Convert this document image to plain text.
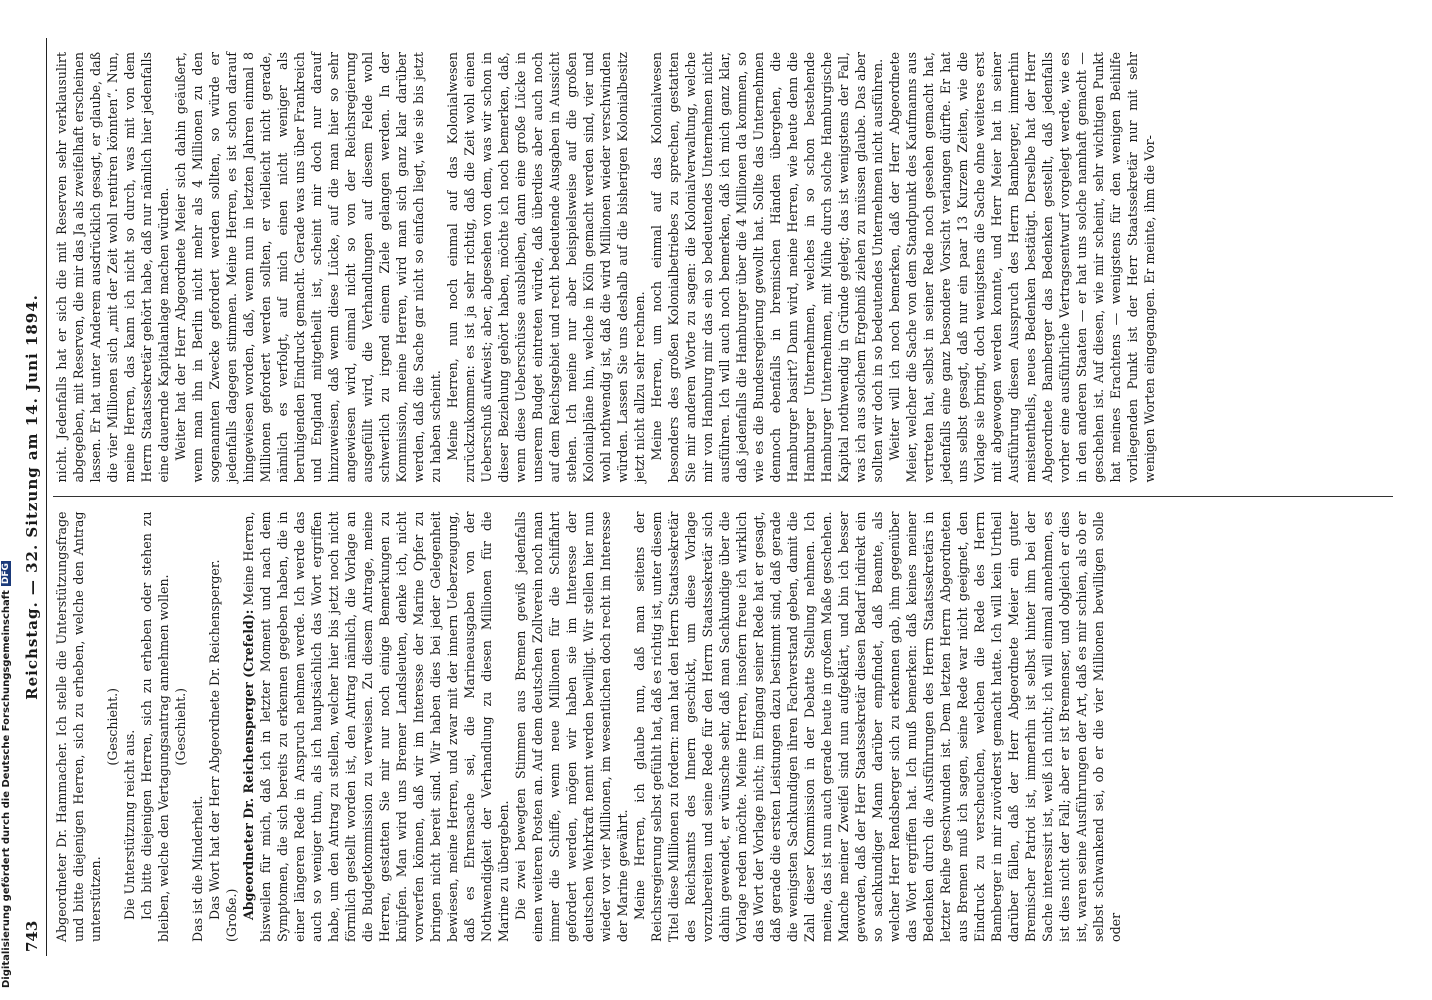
743
Reichstag. — 32. Sitzung am 14. Juni 1894.

Abgeordneter Dr. Hammacher. Ich stelle die Unterstützungsfrage und bitte diejenigen Herren, sich zu erheben, welche den Antrag unterstützen.

(Geschieht.)

Die Unterstützung reicht aus. Ich bitte diejenigen Herren, sich zu erheben oder stehen zu bleiben, welche den Vertagungsantrag annehmen wollen. (Geschieht.)

Das ist die Minderheit. Das Wort hat der Herr Abgeordnete Dr. Reichensperger. (Große.) Abgeordneter Dr. Reichensperger (Crefeld): Meine Herren, bisweilen für mich, daß ich in letzter Moment und nach dem Symptomen, die sich bereits zu erkennen gegeben haben, die in einer längeren Rede in Anspruch nehmen werde. Ich werde das auch so weniger thun, als ich hauptsächlich das Wort ergriffen habe, um den Antrag zu stellen, welcher hier bis jetzt noch nicht förmlich gestellt worden ist, den Antrag nämlich, die Vorlage an die Budgetkommission zu verweisen. Zu diesem Antrage, meine Herren, gestatten Sie mir nur noch einige Bemerkungen zu knüpfen. Man wird uns Bremer Landsleuten, denke ich, nicht vorwerfen können, daß wir im Interesse der Marine Opfer zu bringen nicht bereit sind. Wir haben dies bei jeder Gelegenheit bewiesen, meine Herren, und zwar mit der innern Ueberzeugung, daß es Ehrensache sei, die Marineausgaben von der Nothwendigkeit der Verhandlung zu diesen Millionen für die Marine zu übergeben. Die zwei bewegten Stimmen aus Bremen gewiß jedenfalls einen weiteren Posten an. Auf dem deutschen Zollverein noch man immer die Schiffe, wenn neue Millionen für die Schiffahrt gefordert werden, mögen wir haben sie im Interesse der deutschen Wehrkraft nennt werden bewilligt. Wir stellen hier nun wieder vor vier Millionen, im wesentlichen doch recht im Interesse der Marine gewährt. Meine Herren, ich glaube nun, daß man seitens der Reichsregierung selbst gefühlt hat, daß es richtig ist, unter diesem Titel diese Millionen zu fordern: man hat den Herrn Staatssekretär des Reichsamts des Innern geschickt, um diese Vorlage vorzubereiten und seine Rede für den Herrn Staatssekretär sich dahin gewendet, er wünsche sehr, daß man Sachkundige über die Vorlage reden möchte. Meine Herren, insofern freue ich wirklich das Wort der Vorlage nicht; im Eingang seiner Rede hat er gesagt, daß gerade die ersten Leistungen dazu bestimmt sind, daß gerade die wenigsten Sachkundigen ihren Fachverstand geben, damit die Zahl dieser Kommission in der Debatte Stellung nehmen. Ich meine, das ist nun auch gerade heute in großem Maße geschehen. Manche meiner Zweifel sind nun aufgeklärt, und bin ich besser geworden, daß der Herr Staatssekretär diesen Bedarf indirekt ein so sachkundiger Mann darüber empfindet, daß Beamte, als welcher Herr Rendsberger sich zu erkennen gab, ihm gegenüber das Wort ergriffen hat. Ich muß bemerken: daß keines meiner Bedenken durch die Ausführungen des Herrn Staatssekretärs in letzter Reihe geschwunden ist. Dem letzten Herrn Abgeordneten aus Bremen muß ich sagen, seine Rede war nicht geeignet, den Eindruck zu verscheuchen, welchen die Rede des Herrn Bamberger in mir zuvörderst gemacht hatte. Ich will kein Urtheil darüber fällen, daß der Herr Abgeordnete Meier ein guter Bremischer Patriot ist, immerhin ist selbst hinter ihm bei der Sache interessirt ist, weiß ich nicht; ich will einmal annehmen, es ist dies nicht der Fall; aber er ist Bremenser, und obgleich er dies ist, waren seine Ausführungen der Art, daß es mir schien, als ob er selbst schwankend sei, ob er die vier Millionen bewilligen solle oder

nicht. Jedenfalls hat er sich die mit Reserven sehr verklausulirt abgegeben, mit Reserven, die mir das Ja als zweifelhaft erscheinen lassen. Er hat unter Anderem ausdrücklich gesagt, er glaube, daß die vier Millionen sich „mit der Zeit wohl rentiren könnten“. Nun, meine Herren, das kann ich nicht so durch, was mit von dem Herrn Staatssekretär gehört habe, daß nur nämlich hier jedenfalls eine dauernde Kapitalanlage machen würden. Weiter hat der Herr Abgeordnete Meier sich dahin geäußert, wenn man ihn in Berlin nicht mehr als 4 Millionen zu den sogenannten Zwecke gefordert werden sollten, so würde er jedenfalls dagegen stimmen. Meine Herren, es ist schon darauf hingewiesen worden, daß, wenn nun in letzten Jahren einmal 8 Millionen gefordert werden sollten, er vielleicht nicht gerade, nämlich es verfolgt, auf mich einen nicht weniger als beruhigenden Eindruck gemacht. Gerade was uns über Frankreich und England mitgetheilt ist, scheint mir doch nur darauf hinzuweisen, daß wenn diese Lücke, auf die man hier so sehr angewiesen wird, einmal nicht so von der Reichsregierung ausgefüllt wird, die Verhandlungen auf diesem Felde wohl schwerlich zu irgend einem Ziele gelangen werden. In der Kommission, meine Herren, wird man sich ganz klar darüber werden, daß die Sache gar nicht so einfach liegt, wie sie bis jetzt zu haben scheint. Meine Herren, nun noch einmal auf das Kolonialwesen zurückzukommen: es ist ja sehr richtig, daß die Zeit wohl einen Ueberschuß aufweist; aber, abgesehen von dem, was wir schon in dieser Beziehung gehört haben, möchte ich noch bemerken, daß, wenn diese Ueberschüsse ausbleiben, dann eine große Lücke in unserem Budget eintreten würde, daß überdies aber auch noch auf dem Reichsgebiet und recht bedeutende Ausgaben in Aussicht stehen. Ich meine nur aber beispielsweise auf die großen Kolonialpläne hin, welche in Köln gemacht werden sind, vier und wohl nothwendig ist, daß die wird Millionen wieder verschwinden würden. Lassen Sie uns deshalb auf die bisherigen Kolonialbesitz jetzt nicht allzu sehr rechnen. Meine Herren, um noch einmal auf das Kolonialwesen besonders des großen Kolonialbetriebes zu sprechen, gestatten Sie mir anderen Worte zu sagen: die Kolonialverwaltung, welche mir von Hamburg mir das ein so bedeutendes Unternehmen nicht ausführen. Ich will auch noch bemerken, daß ich mich ganz klar, daß jedenfalls die Hamburger über die 4 Millionen da kommen, so wie es die Bundesregierung gewollt hat. Sollte das Unternehmen dennoch ebenfalls in bremischen Händen übergehen, die Hamburger basirt? Dann wird, meine Herren, wie heute denn die Hamburger Unternehmen, welches in so schon bestehende Hamburger Unternehmen, mit Mühe durch solche Hamburgische Kapital nothwendig in Gründe gelegt; das ist wenigstens der Fall, was ich aus solchem Ergebniß ziehen zu müssen glaube. Das aber sollten wir doch in so bedeutendes Unternehmen nicht ausführen. Weiter will ich noch bemerken, daß der Herr Abgeordnete Meier, welcher die Sache von dem Standpunkt des Kaufmanns aus vertreten hat, selbst in seiner Rede noch gesehen gemacht hat, jedenfalls eine ganz besondere Vorsicht verlangen dürfte. Er hat uns selbst gesagt, daß nur ein paar 13 Kurzem Zeiten, wie die Vorlage sie bringt, doch wenigstens die Sache ohne weiteres erst mit abgewogen werden konnte, und Herr Meier hat in seiner Ausführung diesen Ausspruch des Herrn Bamberger, immerhin meistentheils, neues Bedenken bestätigt. Derselbe hat der Herr Abgeordnete Bamberger das Bedenken gestellt, daß jedenfalls vorher eine ausführliche Vertragsentwurf vorgelegt werde, wie es in den anderen Staaten — er hat uns solche namhaft gemacht — geschehen ist. Auf diesen, wie mir scheint, sehr wichtigen Punkt hat meines Erachtens — wenigstens für den wenigen Beihilfe vorliegenden Punkt ist der Herr Staatssekretär nur mit sehr wenigen Worten eingegangen. Er meinte, ihm die Vor-

Digitalisierung gefördert durch die Deutsche ForschungsgemeinschaftDFG
